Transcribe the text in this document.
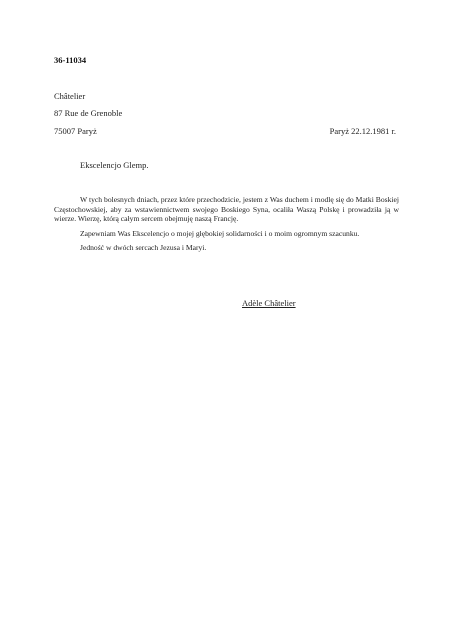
36-11034
Châtelier
87 Rue de Grenoble
75007 Paryż	Paryż 22.12.1981 r.
Ekscelencjo Glemp.

W tych bolesnych dniach, przez które przechodzicie, jestem z Was duchem i modlę się do Matki Boskiej Częstochowskiej, aby za wstawiennictwem swojego Boskiego Syna, ocaliła Waszą Polskę i prowadziła ją w wierze. Wierzę, którą całym sercem obejmuję naszą Francję.

Zapewniam Was Ekscelencjo o mojej głębokiej solidarności i o moim ogromnym szacunku.

Jedność w dwóch sercach Jezusa i Maryi.

Adèle Châtelier
